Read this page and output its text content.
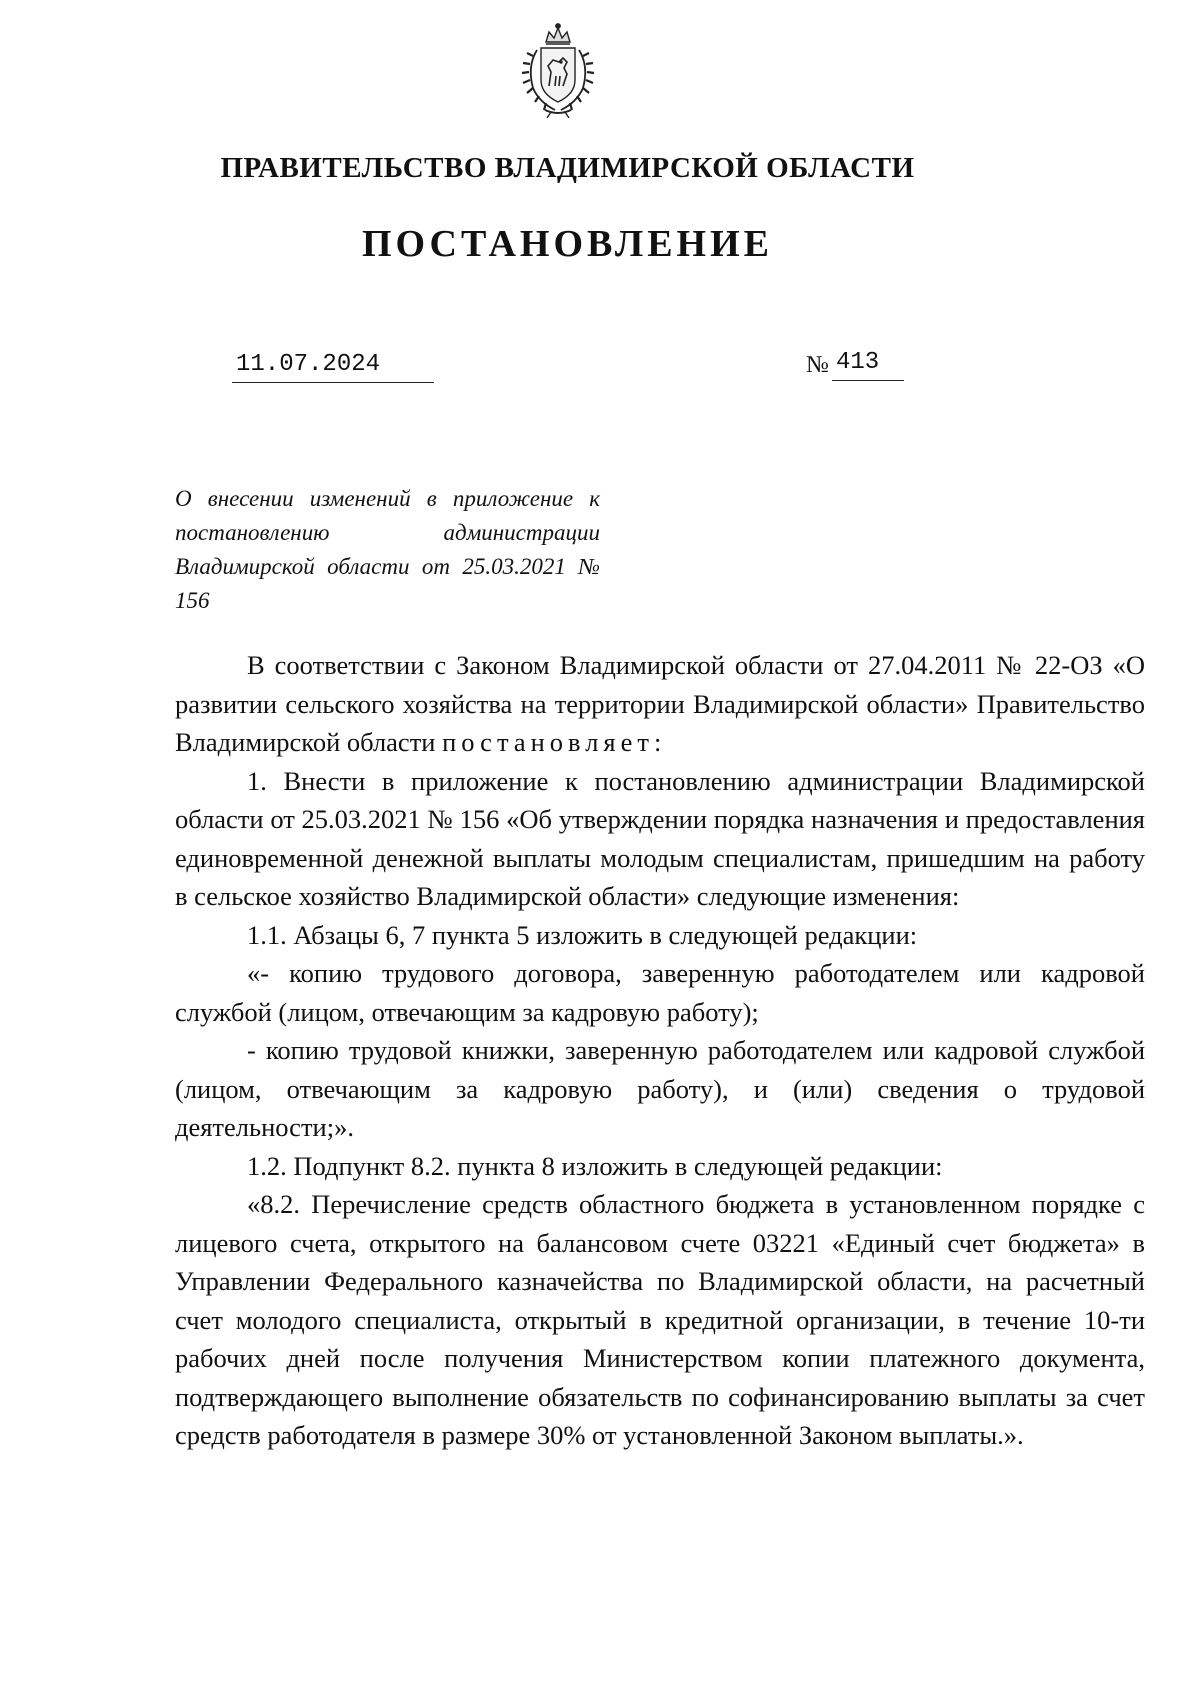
ПРАВИТЕЛЬСТВО ВЛАДИМИРСКОЙ ОБЛАСТИ
ПОСТАНОВЛЕНИЕ
11.07.2024	№ 413
О внесении изменений в приложение к постановлению администрации Владимирской области от 25.03.2021 № 156

В соответствии с Законом Владимирской области от 27.04.2011 № 22-ОЗ «О развитии сельского хозяйства на территории Владимирской области» Правительство Владимирской области постановляет:

1. Внести в приложение к постановлению администрации Владимирской области от 25.03.2021 № 156 «Об утверждении порядка назначения и предоставления единовременной денежной выплаты молодым специалистам, пришедшим на работу в сельское хозяйство Владимирской области» следующие изменения:

1.1. Абзацы 6, 7 пункта 5 изложить в следующей редакции:

«- копию трудового договора, заверенную работодателем или кадровой службой (лицом, отвечающим за кадровую работу);

- копию трудовой книжки, заверенную работодателем или кадровой службой (лицом, отвечающим за кадровую работу), и (или) сведения о трудовой деятельности;».

1.2. Подпункт 8.2. пункта 8 изложить в следующей редакции:

«8.2. Перечисление средств областного бюджета в установленном порядке с лицевого счета, открытого на балансовом счете 03221 «Единый счет бюджета» в Управлении Федерального казначейства по Владимирской области, на расчетный счет молодого специалиста, открытый в кредитной организации, в течение 10-ти рабочих дней после получения Министерством копии платежного документа, подтверждающего выполнение обязательств по софинансированию выплаты за счет средств работодателя в размере 30% от установленной Законом выплаты.».
